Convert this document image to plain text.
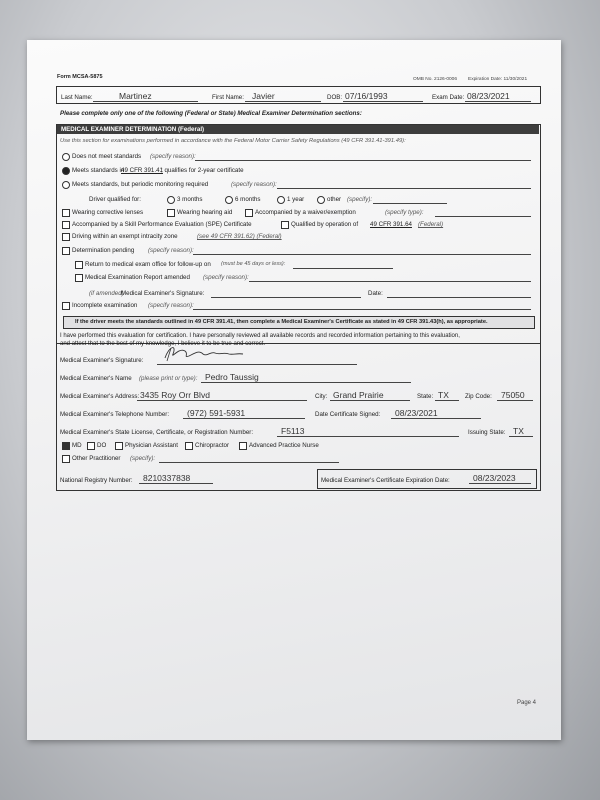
Form MCSA-5875	OMB No. 2126-0006 Expiration Date: 11/30/2021
Last Name:	Martinez	First Name: Javier	DOB: 07/16/1993	Exam Date: 08/23/2021
Please complete only one of the following (Federal or State) Medical Examiner Determination sections:
MEDICAL EXAMINER DETERMINATION (Federal)
Use this section for examinations performed in accordance with the Federal Motor Carrier Safety Regulations (49 CFR 391.41-391.49):
Does not meet standards (specify reason):
Meets standards in
49 CFR 391.41
; qualifies for 2-year certificate
Meets standards, but periodic monitoring required	(specify reason):
Driver qualified for:	3 months	6 months	1 year	other (specify):
Wearing corrective lenses	Wearing hearing aid	Accompanied by a waiver/exemption	(specify type):
Accompanied by a Skill Performance Evaluation (SPE) Certificate	Qualified by operation of 49 CFR 391.64 (Federal)
Driving within an exempt intracity zone	(see 49 CFR 391.62) (Federal)
Determination pending (specify reason):
Return to medical exam office for follow-up on (must be 45 days or less):
Medical Examination Report amended (specify reason):
(if amended)
Medical Examiner's Signature:	Date:
Incomplete examination (specify reason):
If the driver meets the standards outlined in 49 CFR 391.41, then complete a Medical Examiner's Certificate as stated in 49 CFR 391.43(h), as appropriate.
I have performed this evaluation for certification. I have personally reviewed all available records and recorded information pertaining to this evaluation,
and attest that to the best of my knowledge, I believe it to be true and correct.
Medical Examiner's Signature:
Medical Examiner's Name (please print or type): Pedro Taussig
Medical Examiner's Address: 3435 Roy Orr Blvd	City: Grand Prairie	State: TX	Zip Code: 75050
Medical Examiner's Telephone Number: (972) 591-5931	Date Certificate Signed: 08/23/2021
Medical Examiner's State License, Certificate, or Registration Number:	F5113	Issuing State: TX
MD DO	Physician Assistant	Chiropractor	Advanced Practice Nurse
Other Practitioner (specify):
National Registry Number: 8210337838	Medical Examiner's Certificate Expiration Date:	08/23/2023
Page 4
